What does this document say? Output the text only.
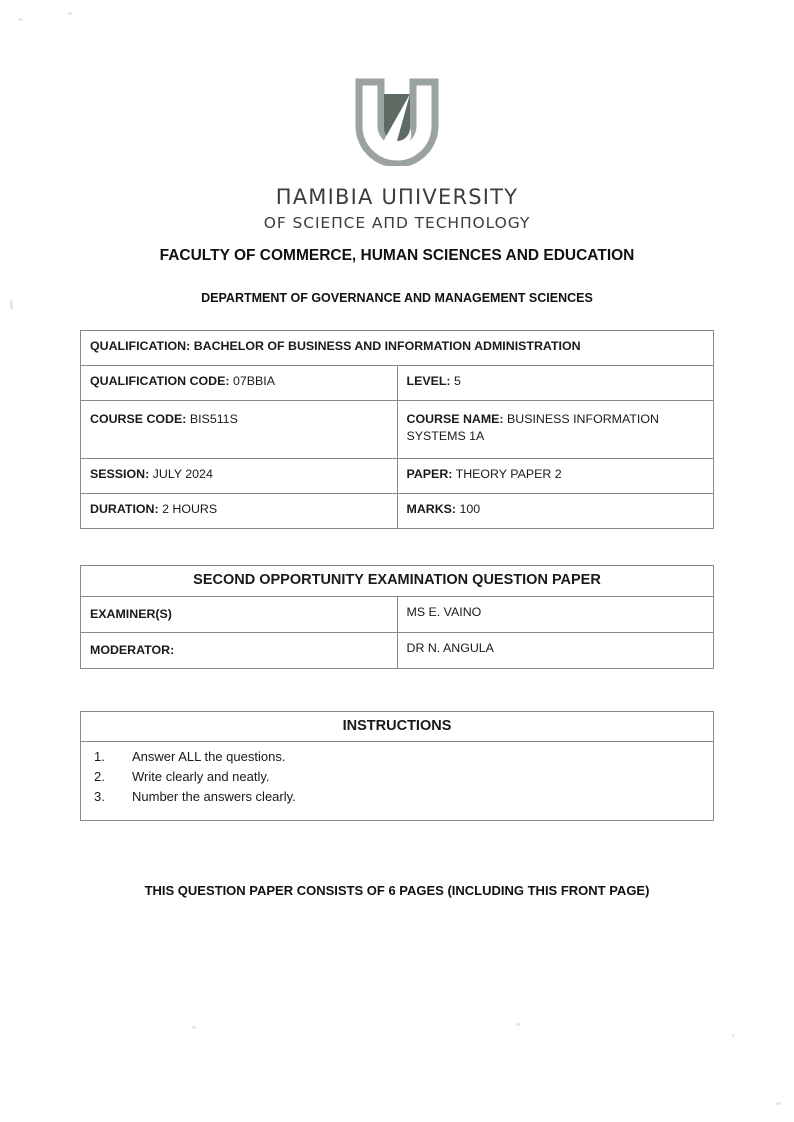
ПAMIBIA UПIVERSITY
OF SCIEПCE AПD TECHПOLOGY
FACULTY OF COMMERCE, HUMAN SCIENCES AND EDUCATION
DEPARTMENT OF GOVERNANCE AND MANAGEMENT SCIENCES
QUALIFICATION: BACHELOR OF BUSINESS AND INFORMATION ADMINISTRATION	
QUALIFICATION CODE: 07BBIA	LEVEL: 5
COURSE CODE: BIS511S	COURSE NAME: BUSINESS INFORMATION SYSTEMS 1A
SESSION: JULY 2024	PAPER: THEORY PAPER 2
DURATION: 2 HOURS	MARKS: 100
SECOND OPPORTUNITY EXAMINATION QUESTION PAPER	
EXAMINER(S)	MS E. VAINO
MODERATOR:	DR N. ANGULA
INSTRUCTIONS

1.	Answer ALL the questions.
2.	Write clearly and neatly.
3.	Number the answers clearly.
THIS QUESTION PAPER CONSISTS OF 6 PAGES (INCLUDING THIS FRONT PAGE)
